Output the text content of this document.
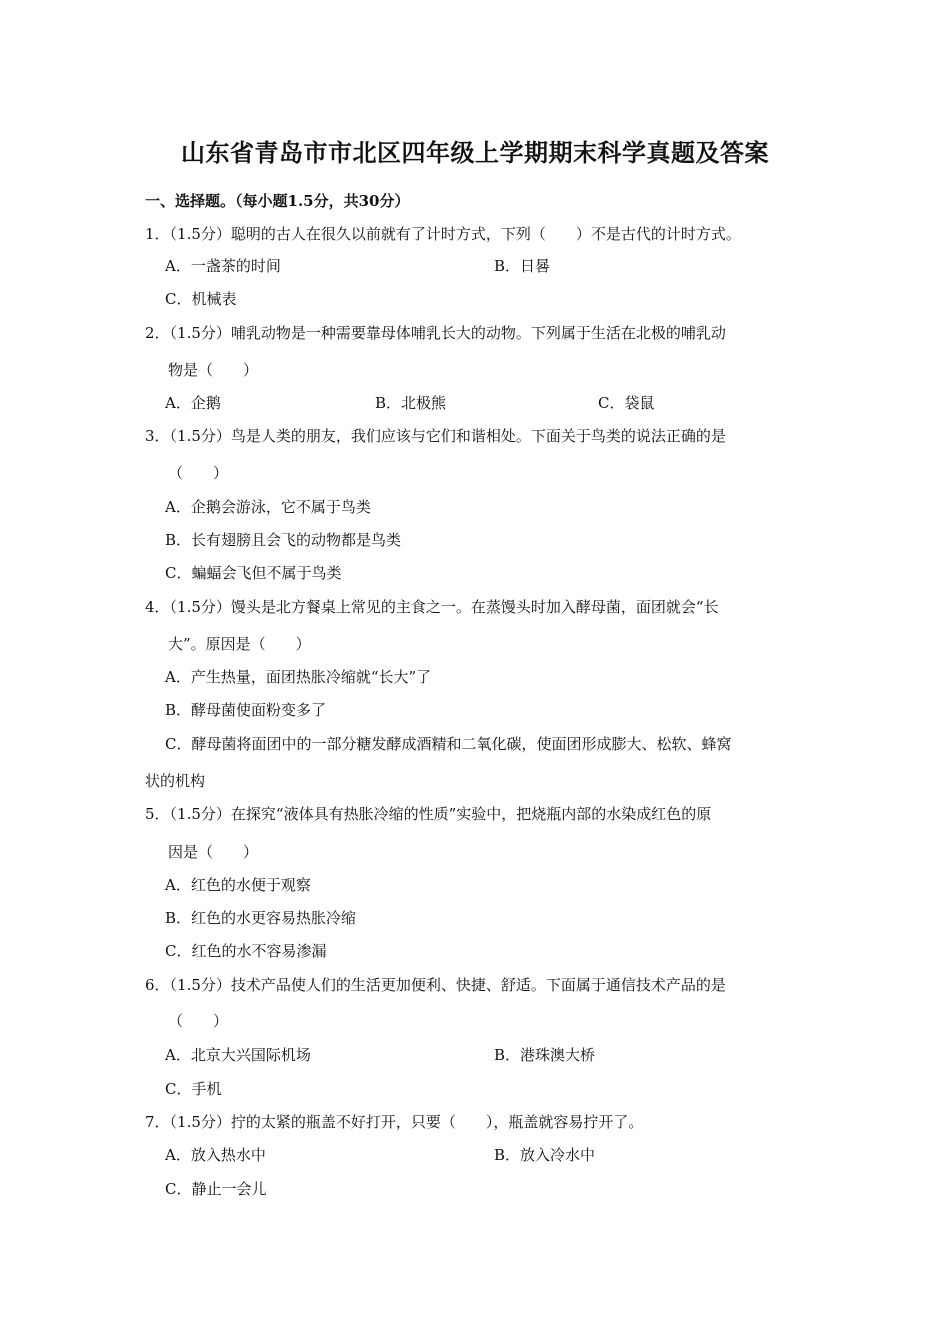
山东省青岛市市北区四年级上学期期末科学真题及答案
一、选择题。（每小题1.5分，共30分）
1．（1.5分）聪明的古人在很久以前就有了计时方式，下列（　　）不是古代的计时方式。
A．一盏茶的时间	B．日晷
C．机械表
2．（1.5分）哺乳动物是一种需要靠母体哺乳长大的动物。下列属于生活在北极的哺乳动
物是（　　）
A．企鹅	B．北极熊	C．袋鼠
3．（1.5分）鸟是人类的朋友，我们应该与它们和谐相处。下面关于鸟类的说法正确的是
（　　）
A．企鹅会游泳，它不属于鸟类
B．长有翅膀且会飞的动物都是鸟类
C．蝙蝠会飞但不属于鸟类
4．（1.5分）馒头是北方餐桌上常见的主食之一。在蒸馒头时加入酵母菌，面团就会“长
大”。原因是（　　）
A．产生热量，面团热胀冷缩就“长大”了
B．酵母菌使面粉变多了
C．酵母菌将面团中的一部分糖发酵成酒精和二氧化碳，使面团形成膨大、松软、蜂窝
状的机构
5．（1.5分）在探究“液体具有热胀冷缩的性质”实验中，把烧瓶内部的水染成红色的原
因是（　　）
A．红色的水便于观察
B．红色的水更容易热胀冷缩
C．红色的水不容易渗漏
6．（1.5分）技术产品使人们的生活更加便利、快捷、舒适。下面属于通信技术产品的是
（　　）
A．北京大兴国际机场	B．港珠澳大桥
C．手机
7．（1.5分）拧的太紧的瓶盖不好打开，只要（　　），瓶盖就容易拧开了。
A．放入热水中	B．放入冷水中
C．静止一会儿
